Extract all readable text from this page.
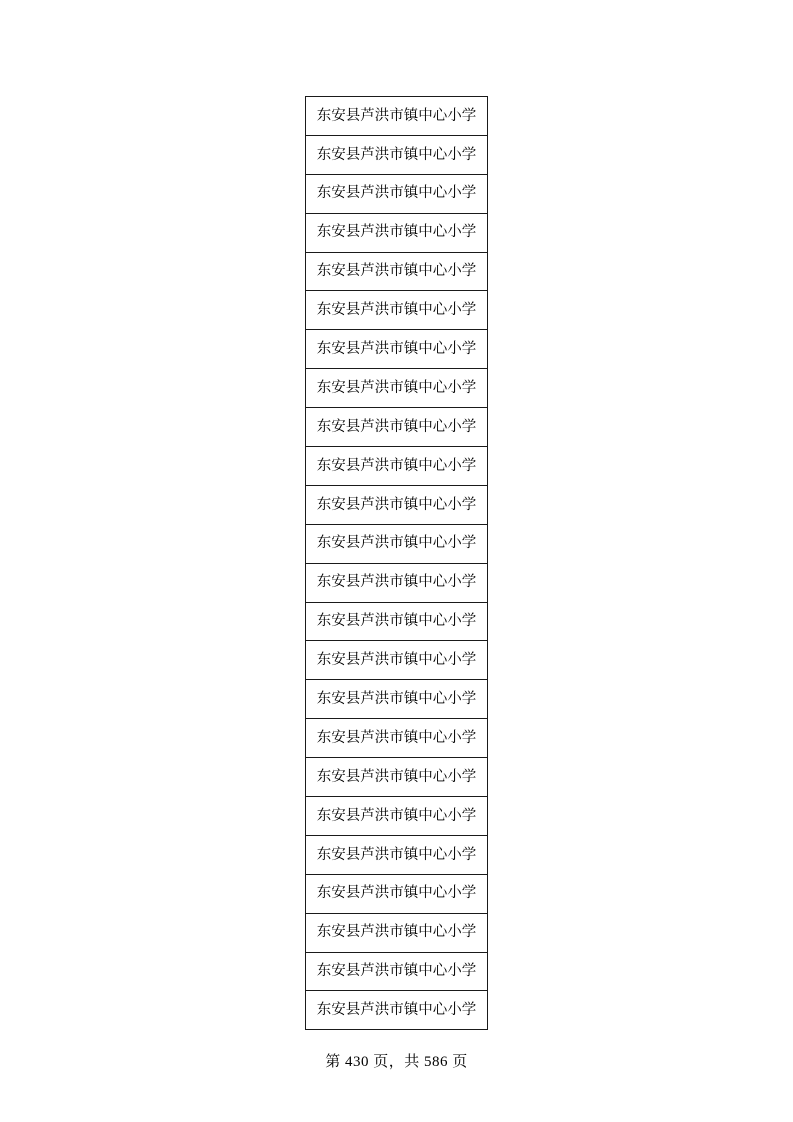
东安县芦洪市镇中心小学
东安县芦洪市镇中心小学
东安县芦洪市镇中心小学
东安县芦洪市镇中心小学
东安县芦洪市镇中心小学
东安县芦洪市镇中心小学
东安县芦洪市镇中心小学
东安县芦洪市镇中心小学
东安县芦洪市镇中心小学
东安县芦洪市镇中心小学
东安县芦洪市镇中心小学
东安县芦洪市镇中心小学
东安县芦洪市镇中心小学
东安县芦洪市镇中心小学
东安县芦洪市镇中心小学
东安县芦洪市镇中心小学
东安县芦洪市镇中心小学
东安县芦洪市镇中心小学
东安县芦洪市镇中心小学
东安县芦洪市镇中心小学
东安县芦洪市镇中心小学
东安县芦洪市镇中心小学
东安县芦洪市镇中心小学
东安县芦洪市镇中心小学
第 430 页，共 586 页
